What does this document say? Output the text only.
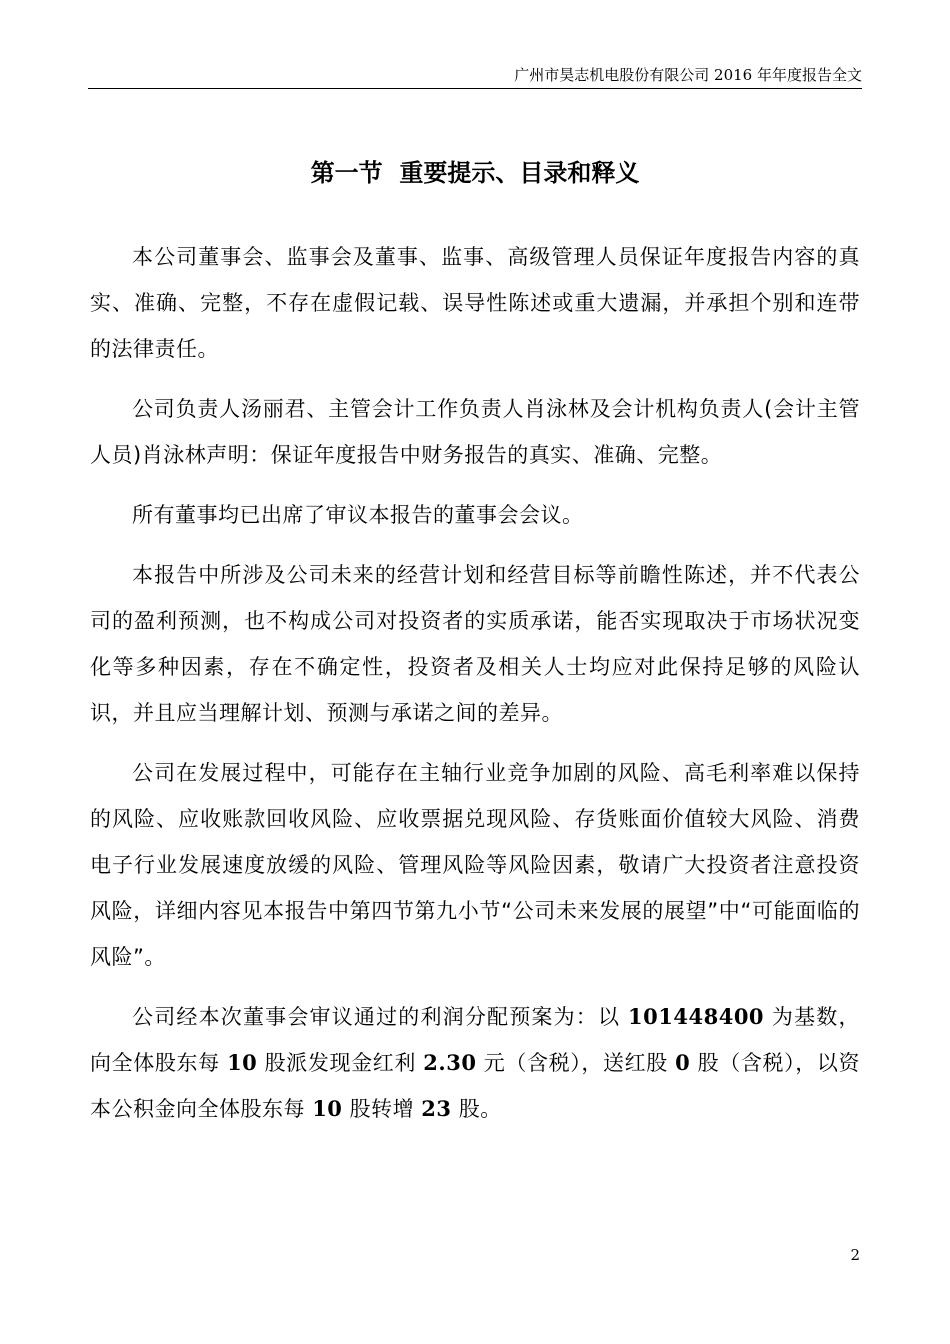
广州市昊志机电股份有限公司 2016 年年度报告全文
第一节  重要提示、目录和释义

本公司董事会、监事会及董事、监事、高级管理人员保证年度报告内容的真实、准确、完整，不存在虚假记载、误导性陈述或重大遗漏，并承担个别和连带的法律责任。

公司负责人汤丽君、主管会计工作负责人肖泳林及会计机构负责人(会计主管人员)肖泳林声明：保证年度报告中财务报告的真实、准确、完整。

所有董事均已出席了审议本报告的董事会会议。

本报告中所涉及公司未来的经营计划和经营目标等前瞻性陈述，并不代表公司的盈利预测，也不构成公司对投资者的实质承诺，能否实现取决于市场状况变化等多种因素，存在不确定性，投资者及相关人士均应对此保持足够的风险认识，并且应当理解计划、预测与承诺之间的差异。

公司在发展过程中，可能存在主轴行业竞争加剧的风险、高毛利率难以保持的风险、应收账款回收风险、应收票据兑现风险、存货账面价值较大风险、消费电子行业发展速度放缓的风险、管理风险等风险因素，敬请广大投资者注意投资风险，详细内容见本报告中第四节第九小节“公司未来发展的展望”中“可能面临的风险”。

公司经本次董事会审议通过的利润分配预案为：以 101448400 为基数，向全体股东每 10 股派发现金红利 2.30 元（含税），送红股 0 股（含税），以资本公积金向全体股东每 10 股转增 23 股。

2
